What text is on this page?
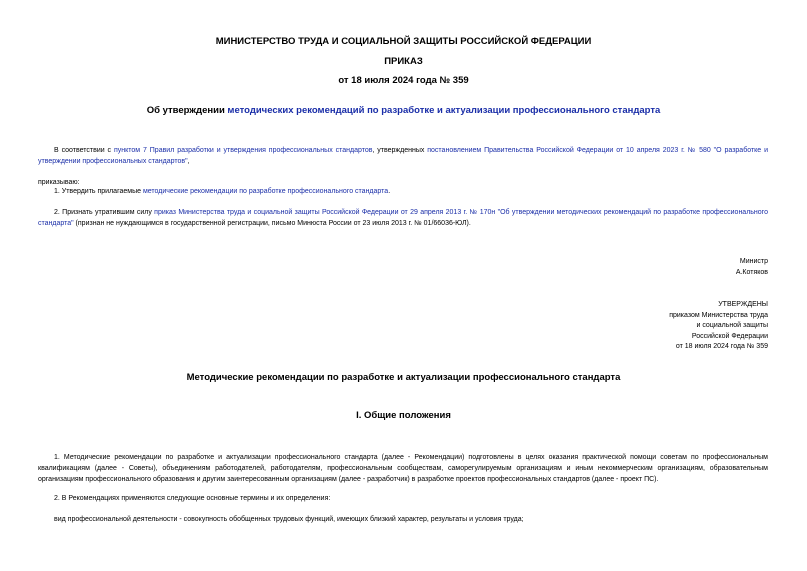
МИНИСТЕРСТВО ТРУДА И СОЦИАЛЬНОЙ ЗАЩИТЫ РОССИЙСКОЙ ФЕДЕРАЦИИ
ПРИКАЗ
от 18 июля 2024 года № 359
Об утверждении методических рекомендаций по разработке и актуализации профессионального стандарта
В соответствии с пунктом 7 Правил разработки и утверждения профессиональных стандартов, утвержденных постановлением Правительства Российской Федерации от 10 апреля 2023 г. № 580 "О разработке и утверждении профессиональных стандартов",
приказываю:
1. Утвердить прилагаемые методические рекомендации по разработке профессионального стандарта.
2. Признать утратившим силу приказ Министерства труда и социальной защиты Российской Федерации от 29 апреля 2013 г. № 170н "Об утверждении методических рекомендаций по разработке профессионального стандарта" (признан не нуждающимся в государственной регистрации, письмо Минюста России от 23 июля 2013 г. № 01/66036-ЮЛ).
Министр
А.Котяков
УТВЕРЖДЕНЫ
приказом Министерства труда
и социальной защиты
Российской Федерации
от 18 июля 2024 года № 359
Методические рекомендации по разработке и актуализации профессионального стандарта
I. Общие положения
1. Методические рекомендации по разработке и актуализации профессионального стандарта (далее - Рекомендации) подготовлены в целях оказания практической помощи советам по профессиональным квалификациям (далее - Советы), объединениям работодателей, работодателям, профессиональным сообществам, саморегулируемым организациям и иным некоммерческим организациям, образовательным организациям профессионального образования и другим заинтересованным организациям (далее - разработчик) в разработке проектов профессиональных стандартов (далее - проект ПС).
2. В Рекомендациях применяются следующие основные термины и их определения:
вид профессиональной деятельности - совокупность обобщенных трудовых функций, имеющих близкий характер, результаты и условия труда;
